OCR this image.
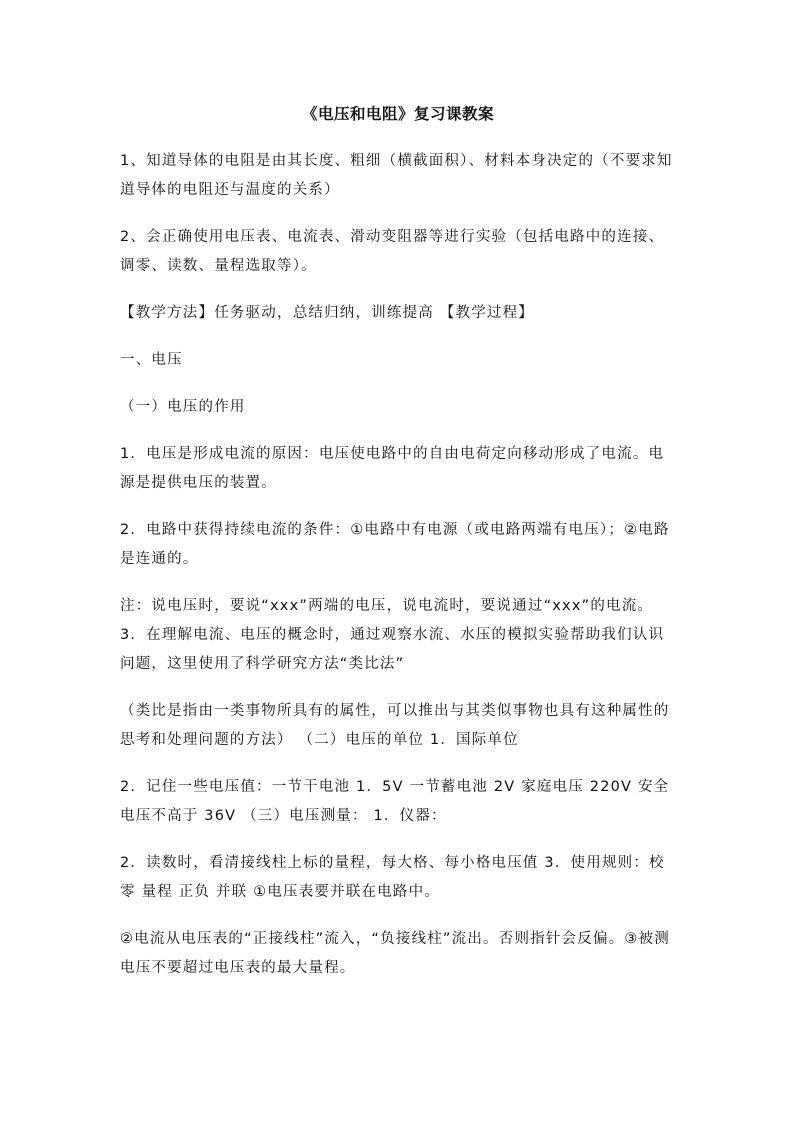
《电压和电阻》复习课教案
1、知道导体的电阻是由其长度、粗细（横截面积）、材料本身决定的（不要求知道导体的电阻还与温度的关系）
2、会正确使用电压表、电流表、滑动变阻器等进行实验（包括电路中的连接、调零、读数、量程选取等）。
【教学方法】任务驱动，总结归纳，训练提高 【教学过程】
一、电压
（一）电压的作用
1．电压是形成电流的原因：电压使电路中的自由电荷定向移动形成了电流。电源是提供电压的装置。
2．电路中获得持续电流的条件：①电路中有电源（或电路两端有电压）；②电路是连通的。
注：说电压时，要说“xxx”两端的电压，说电流时，要说通过“xxx”的电流。 3．在理解电流、电压的概念时，通过观察水流、水压的模拟实验帮助我们认识问题，这里使用了科学研究方法“类比法”
（类比是指由一类事物所具有的属性，可以推出与其类似事物也具有这种属性的思考和处理问题的方法） （二）电压的单位 1．国际单位
2．记住一些电压值：一节干电池 1．5V 一节蓄电池 2V 家庭电压 220V 安全电压不高于 36V （三）电压测量： 1．仪器：
2．读数时，看清接线柱上标的量程，每大格、每小格电压值 3．使用规则：校零 量程 正负 并联 ①电压表要并联在电路中。
②电流从电压表的“正接线柱”流入，“负接线柱”流出。否则指针会反偏。③被测电压不要超过电压表的最大量程。
